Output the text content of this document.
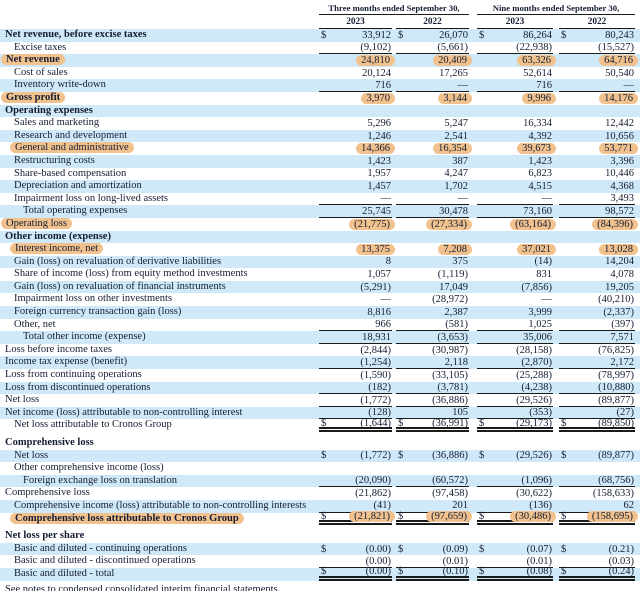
Three months ended September 30,
2023	2022
Nine months ended September 30,
2023	2022
Net revenue, before excise taxes	$	33,912 $	26,070 $	86,264 $	80,243
Excise taxes	(9,102)	(5,661)	(22,938)	(15,527)
Net revenue	24,810	20,409	63,326	64,716
Cost of sales	20,124	17,265	52,614	50,540
Inventory write-down	716	—	716	—
Gross profit	3,970	3,144	9,996	14,176
Operating expenses
Sales and marketing	5,296	5,247	16,334	12,442
Research and development	1,246	2,541	4,392	10,656
General and administrative	14,366	16,354	39,673	53,771
Restructuring costs	1,423	387	1,423	3,396
Share-based compensation	1,957	4,247	6,823	10,446
Depreciation and amortization	1,457	1,702	4,515	4,368
Impairment loss on long-lived assets	—	—	—	3,493
Total operating expenses	25,745	30,478	73,160	98,572
Operating loss	(21,775)	(27,334)	(63,164)	(84,396)
Other income (expense)
Interest income, net	13,375	7,208	37,021	13,028
Gain (loss) on revaluation of derivative liabilities	8	375	(14)	14,204
Share of income (loss) from equity method investments	1,057	(1,119)	831	4,078
Gain (loss) on revaluation of financial instruments	(5,291)	17,049	(7,856)	19,205
Impairment loss on other investments	—	(28,972)	—	(40,210)
Foreign currency transaction gain (loss)	8,816	2,387	3,999	(2,337)
Other, net	966	(581)	1,025	(397)
Total other income (expense)	18,931	(3,653)	35,006	7,571
Loss before income taxes	(2,844)	(30,987)	(28,158)	(76,825)
Income tax expense (benefit)	(1,254)	2,118	(2,870)	2,172
Loss from continuing operations	(1,590)	(33,105)	(25,288)	(78,997)
Loss from discontinued operations	(182)	(3,781)	(4,238)	(10,880)
Net loss	(1,772)	(36,886)	(29,526)	(89,877)
Net income (loss) attributable to non-controlling interest	(128)	105	(353)	(27)
Net loss attributable to Cronos Group	$	(1,644) $	(36,991) $	(29,173) $	(89,850)
Comprehensive loss
Net loss	$	(1,772) $	(36,886) $	(29,526) $	(89,877)
Other comprehensive income (loss)
Foreign exchange loss on translation	(20,090)	(60,572)	(1,096)	(68,756)
Comprehensive loss	(21,862)	(97,458)	(30,622)	(158,633)
Comprehensive income (loss) attributable to non-controlling interests	(41)	201	(136)	62
Comprehensive loss attributable to Cronos Group	$	(21,821) $	(97,659)	$	(30,486) $	(158,695)
Net loss per share
Basic and diluted - continuing operations	$	(0.00) $	(0.09) $	(0.07) $	(0.21)
Basic and diluted - discontinued operations	(0.00)	(0.01)	(0.01)	(0.03)
Basic and diluted - total	$	(0.00) $	(0.10) $	(0.08) $	(0.24)
See notes to condensed consolidated interim financial statements.
